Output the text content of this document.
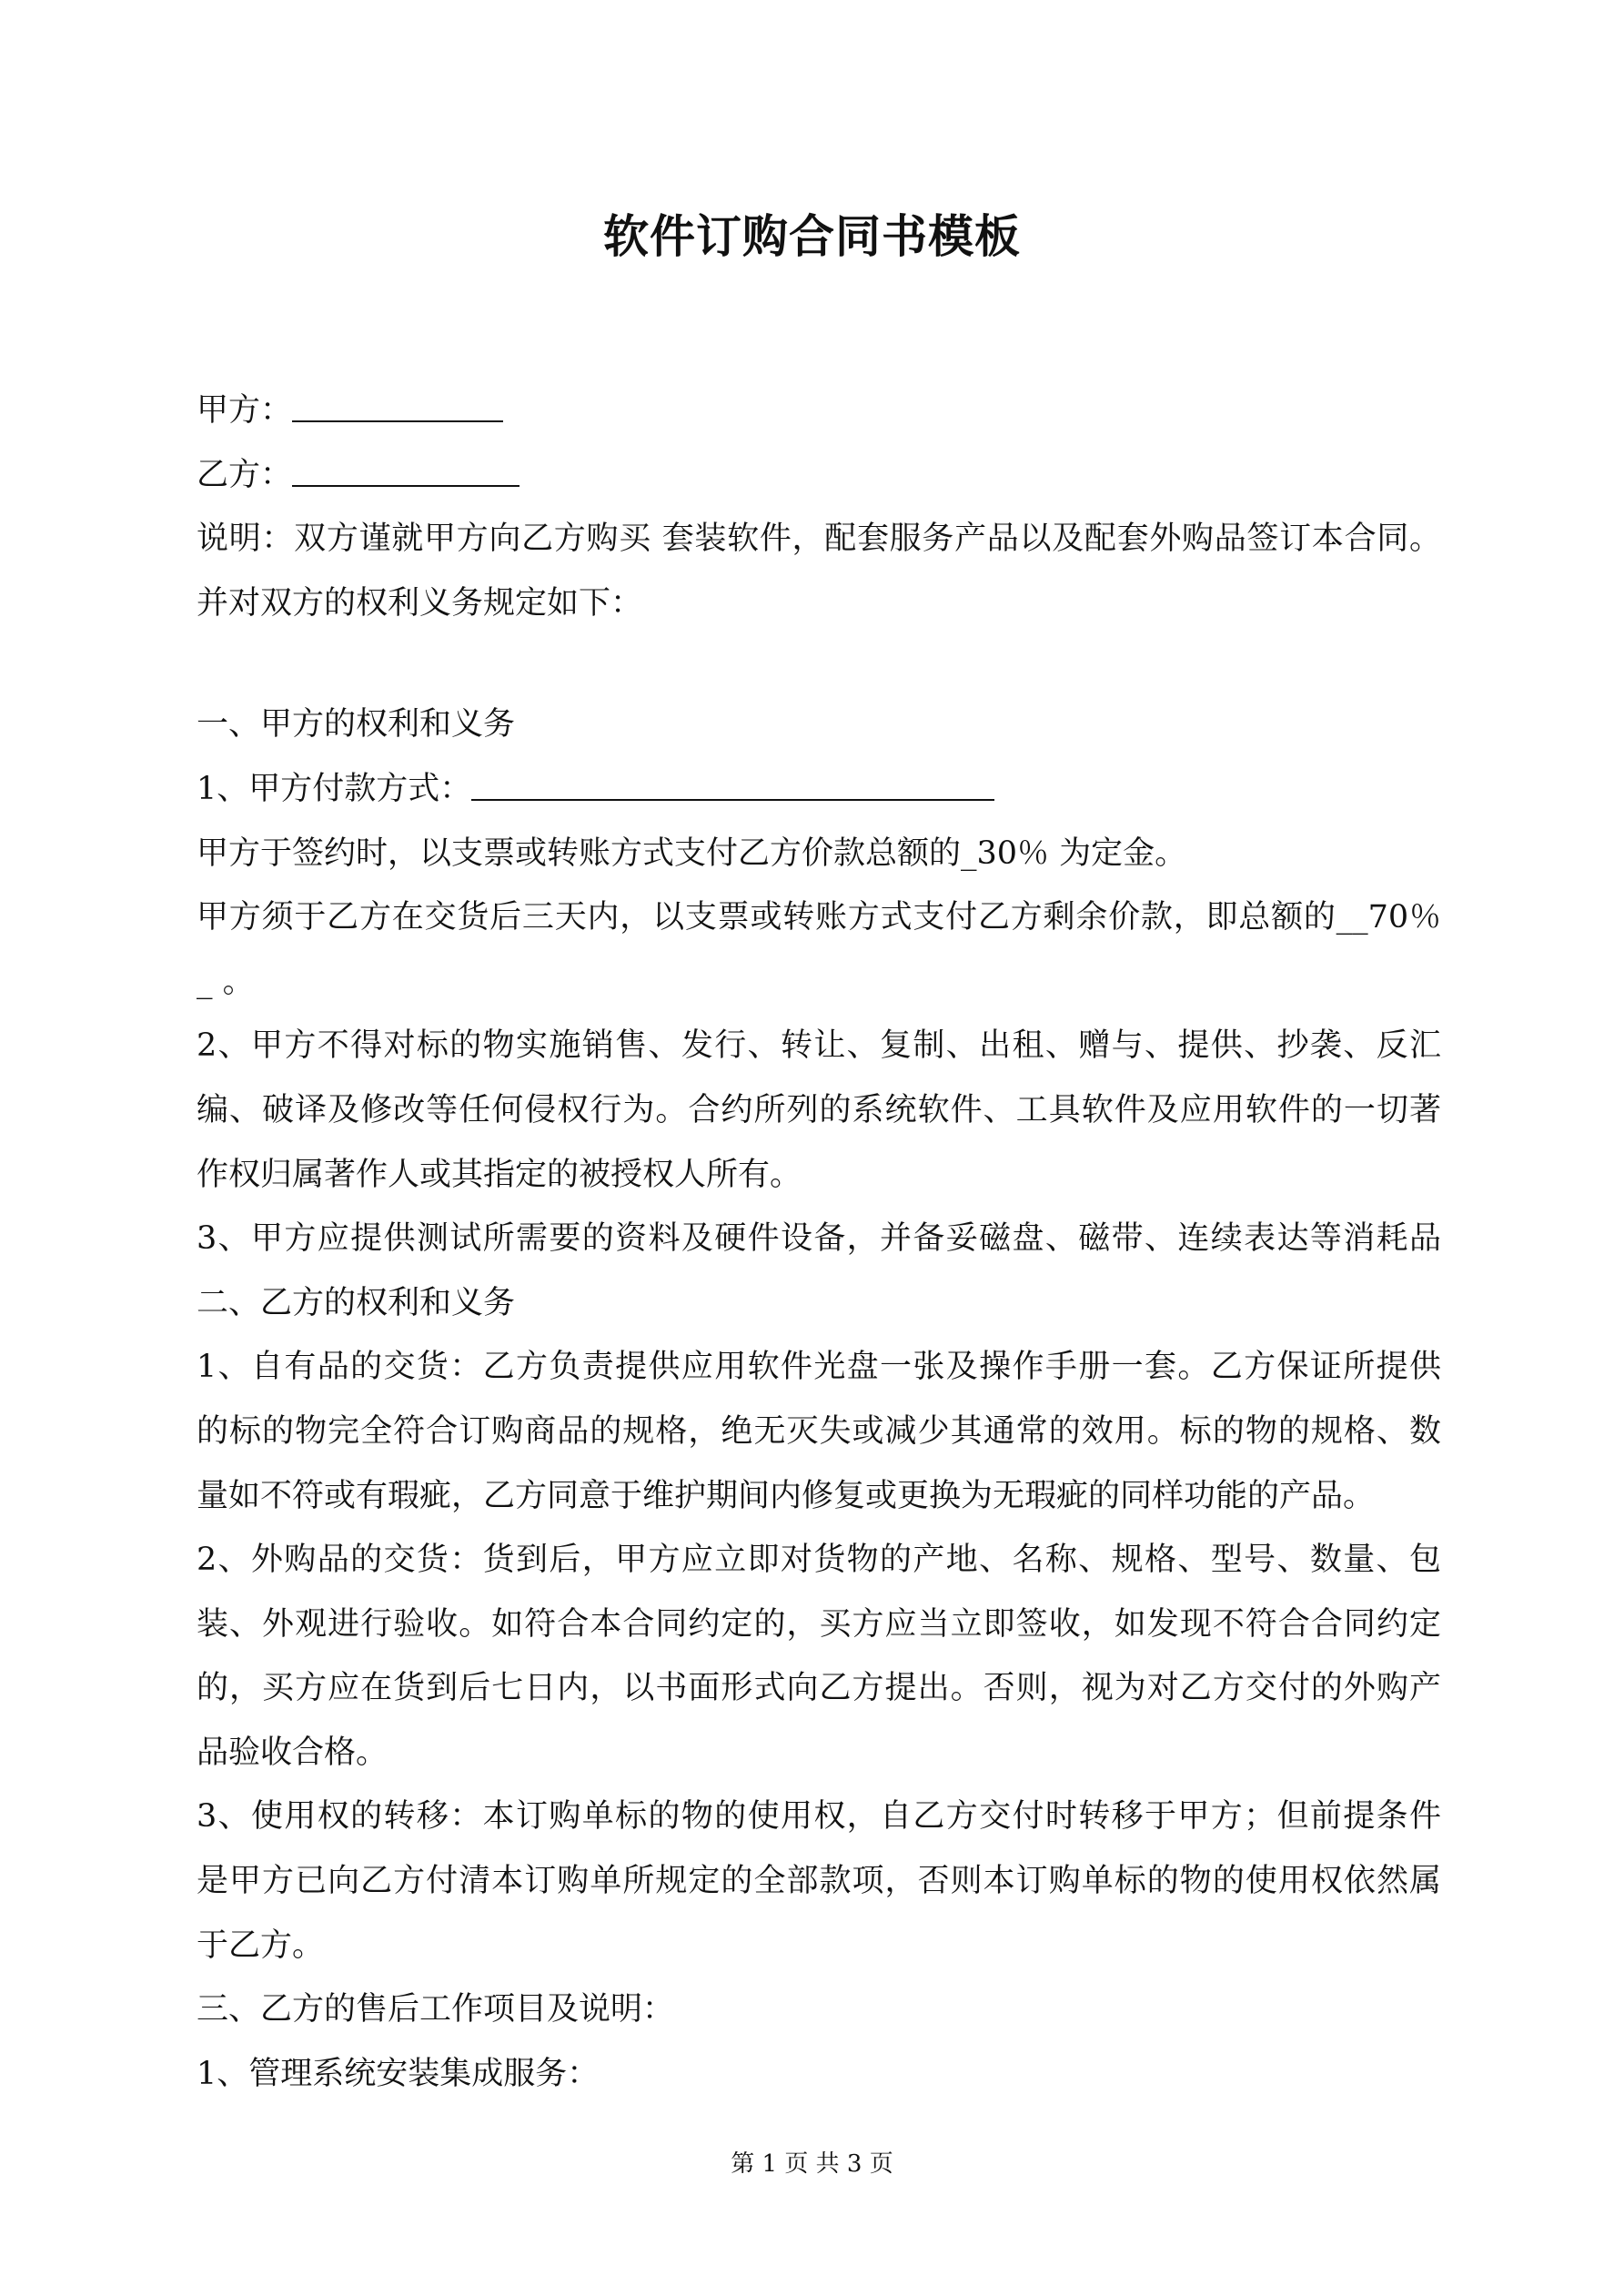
软件订购合同书模板
甲方：
乙方：
说明：双方谨就甲方向乙方购买 套装软件，配套服务产品以及配套外购品签订本合同。
并对双方的权利义务规定如下：
一、甲方的权利和义务
1、甲方付款方式：
甲方于签约时，以支票或转账方式支付乙方价款总额的_30％ 为定金。
甲方须于乙方在交货后三天内，以支票或转账方式支付乙方剩余价款，即总额的__70％
_ 。
2、甲方不得对标的物实施销售、发行、转让、复制、出租、赠与、提供、抄袭、反汇
编、破译及修改等任何侵权行为。合约所列的系统软件、工具软件及应用软件的一切著
作权归属著作人或其指定的被授权人所有。
3、甲方应提供测试所需要的资料及硬件设备，并备妥磁盘、磁带、连续表达等消耗品
二、乙方的权利和义务
1、自有品的交货：乙方负责提供应用软件光盘一张及操作手册一套。乙方保证所提供
的标的物完全符合订购商品的规格，绝无灭失或减少其通常的效用。标的物的规格、数
量如不符或有瑕疵，乙方同意于维护期间内修复或更换为无瑕疵的同样功能的产品。
2、外购品的交货：货到后，甲方应立即对货物的产地、名称、规格、型号、数量、包
装、外观进行验收。如符合本合同约定的，买方应当立即签收，如发现不符合合同约定
的，买方应在货到后七日内，以书面形式向乙方提出。否则，视为对乙方交付的外购产
品验收合格。
3、使用权的转移：本订购单标的物的使用权，自乙方交付时转移于甲方；但前提条件
是甲方已向乙方付清本订购单所规定的全部款项，否则本订购单标的物的使用权依然属
于乙方。
三、乙方的售后工作项目及说明：
1、管理系统安装集成服务：
第 1 页 共 3 页
